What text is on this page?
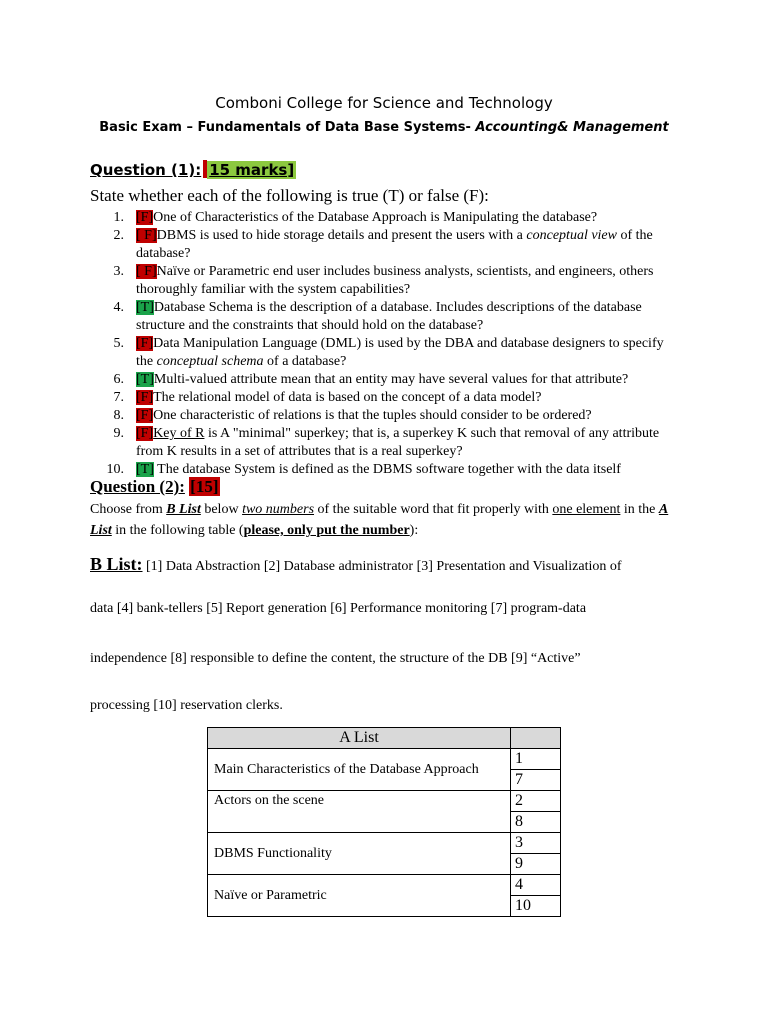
Comboni College for Science and Technology
Basic Exam – Fundamentals of Data Base Systems- Accounting& Management
Question (1): 15 marks]
State whether each of the following is true (T) or false (F):
1. [F]One of Characteristics of the Database Approach is Manipulating the database?
2. [ F]DBMS is used to hide storage details and present the users with a conceptual view of the database?
3. [ F]Naïve or Parametric end user includes business analysts, scientists, and engineers, others thoroughly familiar with the system capabilities?
4. [T]Database Schema is the description of a database. Includes descriptions of the database structure and the constraints that should hold on the database?
5. [F]Data Manipulation Language (DML) is used by the DBA and database designers to specify the conceptual schema of a database?
6. [T]Multi-valued attribute mean that an entity may have several values for that attribute?
7. [F]The relational model of data is based on the concept of a data model?
8. [F]One characteristic of relations is that the tuples should consider to be ordered?
9. [F]Key of R is A "minimal" superkey; that is, a superkey K such that removal of any attribute from K results in a set of attributes that is a real superkey?
10. [T] The database System is defined as the DBMS software together with the data itself
Question (2): [15]
Choose from B List below two numbers of the suitable word that fit properly with one element in the A List in the following table (please, only put the number):
B List: [1] Data Abstraction [2] Database administrator [3] Presentation and Visualization of
data [4] bank-tellers [5] Report generation [6] Performance monitoring [7] program-data
independence [8] responsible to define the content, the structure of the DB [9] “Active”
processing [10] reservation clerks.
A List	
Main Characteristics of the Database Approach	1
	7
Actors on the scene	2
	8
DBMS Functionality	3
	9
Naïve or Parametric	4
	10
